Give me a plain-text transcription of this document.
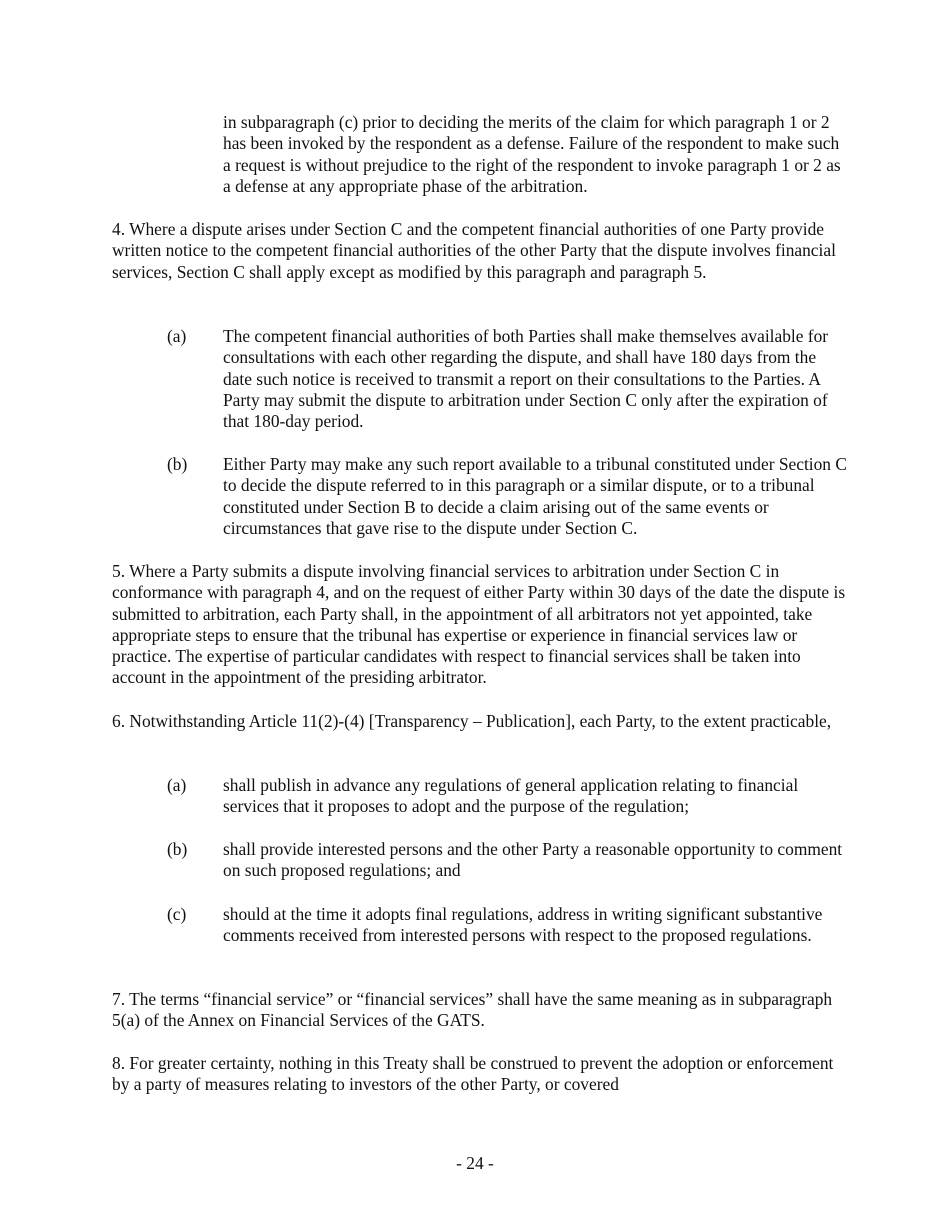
in subparagraph (c) prior to deciding the merits of the claim for which paragraph 1 or 2 has been invoked by the respondent as a defense. Failure of the respondent to make such a request is without prejudice to the right of the respondent to invoke paragraph 1 or 2 as a defense at any appropriate phase of the arbitration.

4. Where a dispute arises under Section C and the competent financial authorities of one Party provide written notice to the competent financial authorities of the other Party that the dispute involves financial services, Section C shall apply except as modified by this paragraph and paragraph 5.

(a) The competent financial authorities of both Parties shall make themselves available for consultations with each other regarding the dispute, and shall have 180 days from the date such notice is received to transmit a report on their consultations to the Parties. A Party may submit the dispute to arbitration under Section C only after the expiration of that 180-day period.
(b) Either Party may make any such report available to a tribunal constituted under Section C to decide the dispute referred to in this paragraph or a similar dispute, or to a tribunal constituted under Section B to decide a claim arising out of the same events or circumstances that gave rise to the dispute under Section C.

5. Where a Party submits a dispute involving financial services to arbitration under Section C in conformance with paragraph 4, and on the request of either Party within 30 days of the date the dispute is submitted to arbitration, each Party shall, in the appointment of all arbitrators not yet appointed, take appropriate steps to ensure that the tribunal has expertise or experience in financial services law or practice. The expertise of particular candidates with respect to financial services shall be taken into account in the appointment of the presiding arbitrator.

6. Notwithstanding Article 11(2)-(4) [Transparency – Publication], each Party, to the extent practicable,

(a) shall publish in advance any regulations of general application relating to financial services that it proposes to adopt and the purpose of the regulation;
(b) shall provide interested persons and the other Party a reasonable opportunity to comment on such proposed regulations; and
(c) should at the time it adopts final regulations, address in writing significant substantive comments received from interested persons with respect to the proposed regulations.

7. The terms “financial service” or “financial services” shall have the same meaning as in subparagraph 5(a) of the Annex on Financial Services of the GATS.

8. For greater certainty, nothing in this Treaty shall be construed to prevent the adoption or enforcement by a party of measures relating to investors of the other Party, or covered

- 24 -
